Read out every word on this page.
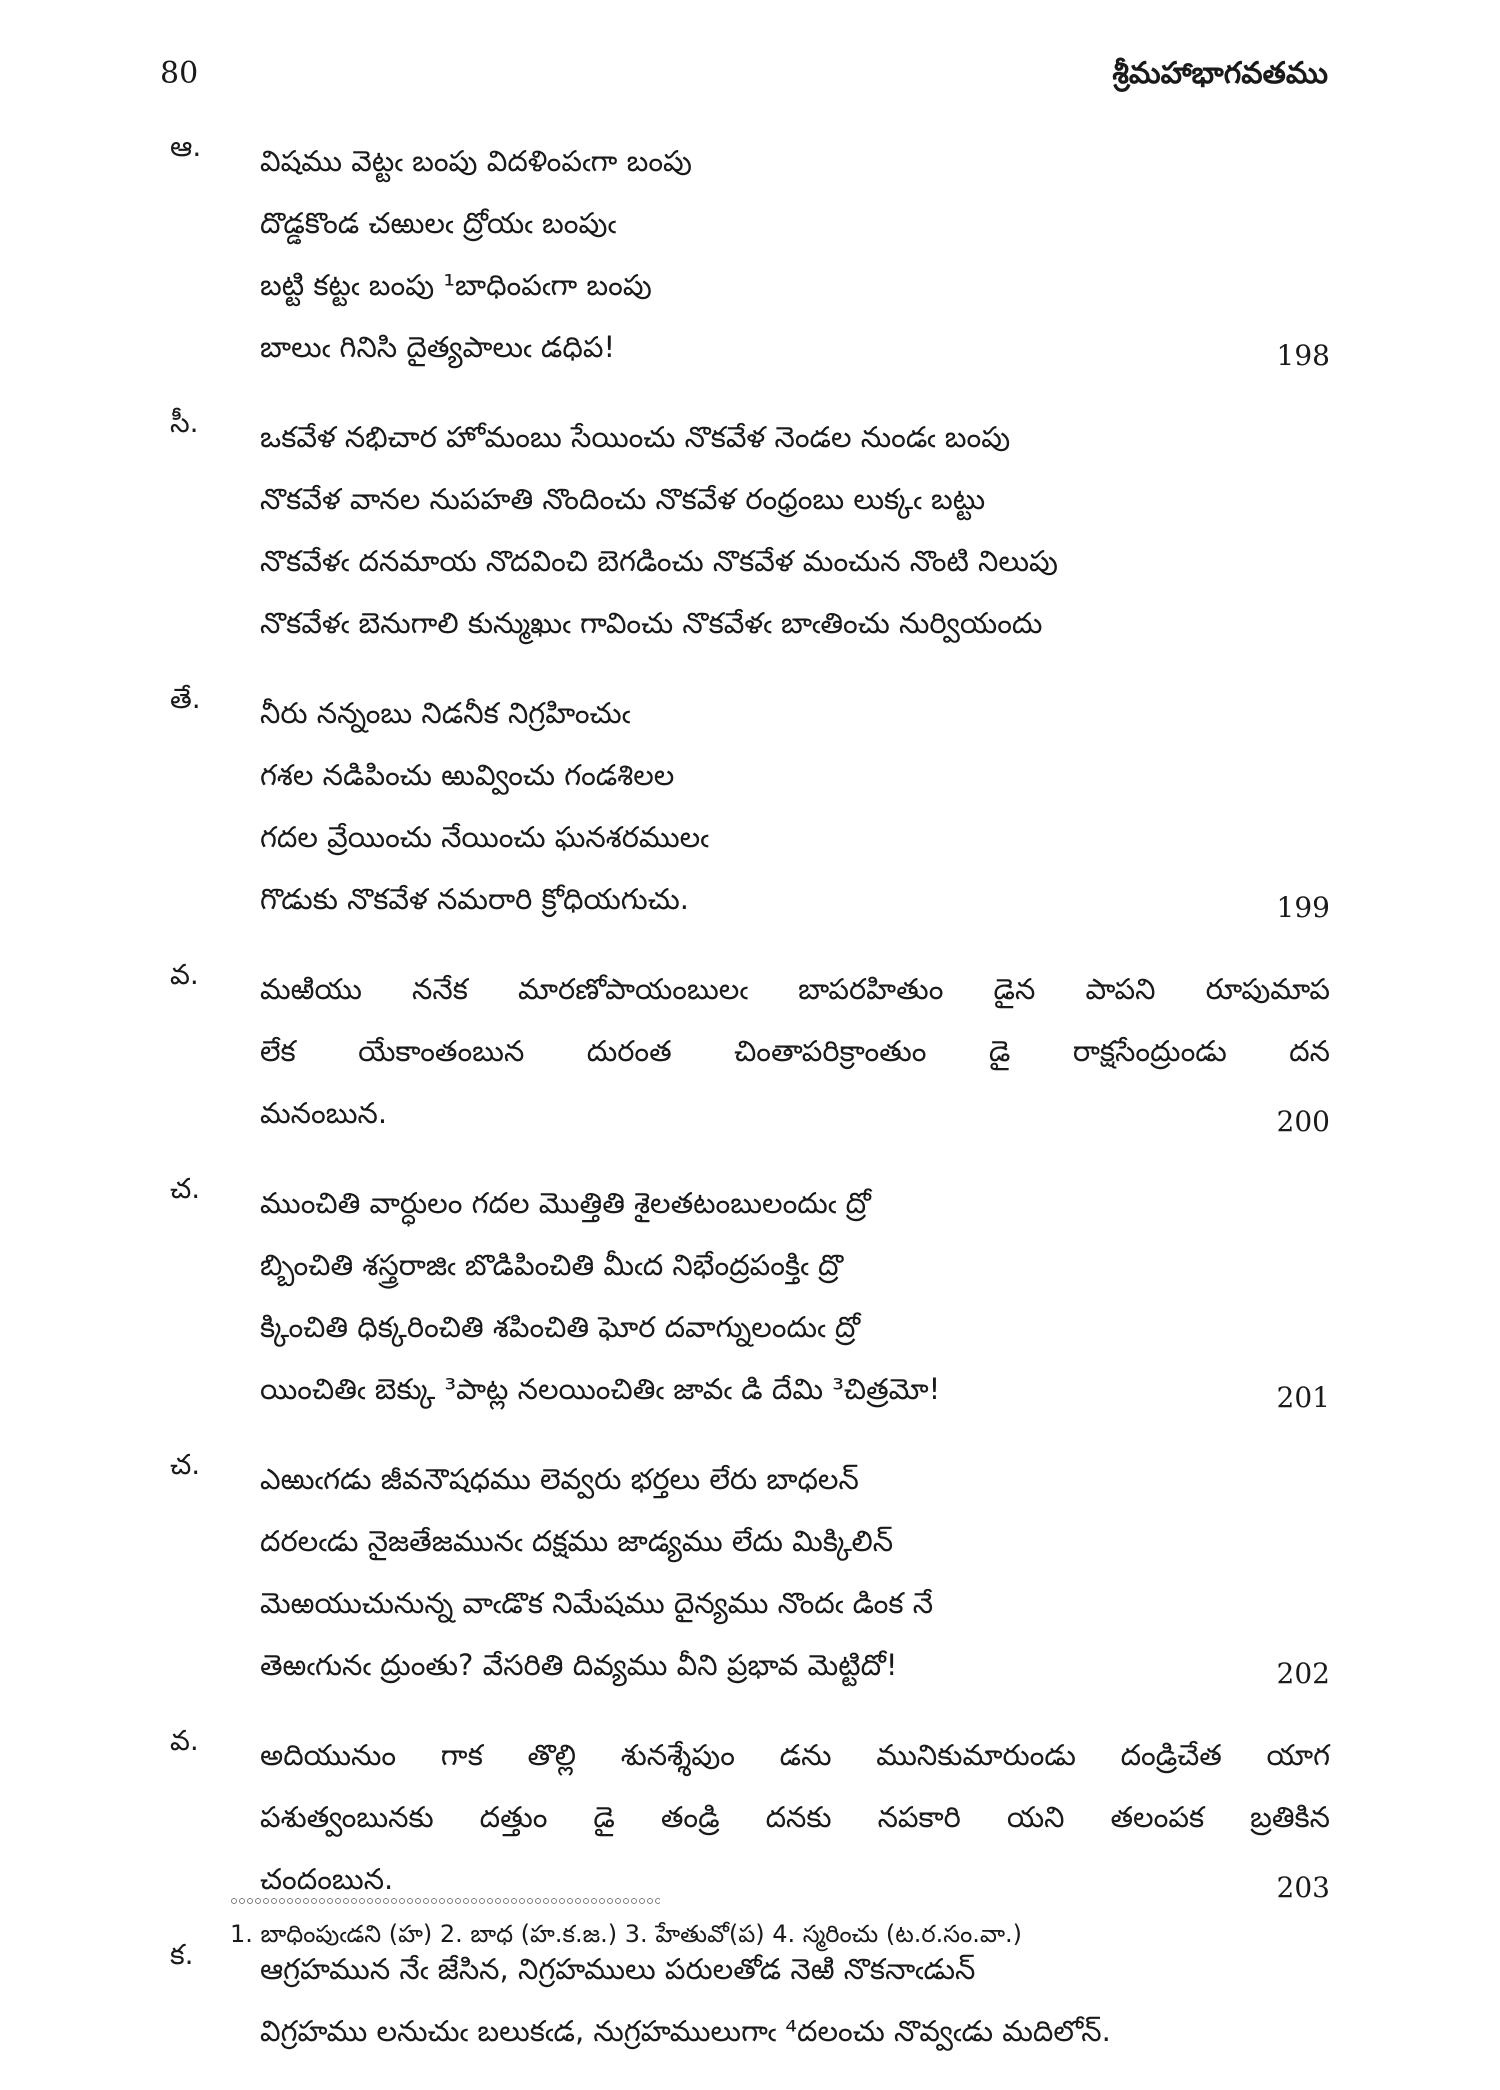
80	శ్రీమహాభాగవతము
ఆ.	విషము వెట్టఁ బంపు విదళింపఁగా బంపు
దొడ్డకొండ చఱులఁ ద్రోయఁ బంపుఁ
బట్టి కట్టఁ బంపు ¹బాధింపఁగా బంపు
బాలుఁ గినిసి దైత్యపాలుఁ డధిప!	198
సీ.	ఒకవేళ నభిచార హోమంబు సేయించు నొకవేళ నెండల నుండఁ బంపు
నొకవేళ వానల నుపహతి నొందించు నొకవేళ రంధ్రంబు లుక్కఁ బట్టు
నొకవేళఁ దనమాయ నొదవించి బెగడించు నొకవేళ మంచున నొంటి నిలుపు
నొకవేళఁ బెనుగాలి కున్ముఖుఁ గావించు నొకవేళఁ బాఁతించు నుర్వియందు
తే.	నీరు నన్నంబు నిడనీక నిగ్రహించుఁ
గశల నడిపించు ఱువ్వించు గండశిలల
గదల వ్రేయించు నేయించు ఘనశరములఁ
గొడుకు నొకవేళ నమరారి క్రోధియగుచు.	199
వ.	మఱియు ననేక మారణోపాయంబులఁ బాపరహితుం డైన పాపని రూపుమాప
లేక యేకాంతంబున దురంత చింతాపరిక్రాంతుం డై రాక్షసేంద్రుండు దన
మనంబున.	200
చ.	ముంచితి వార్ధులం గదల మొత్తితి శైలతటంబులందుఁ ద్రో
బ్బించితి శస్త్రరాజిఁ బొడిపించితి మీఁద నిభేంద్రపంక్తిఁ ద్రొ
క్కించితి ధిక్కరించితి శపించితి ఘోర దవాగ్నులందుఁ ద్రో
యించితిఁ బెక్కు ³పాట్ల నలయించితిఁ జావఁ డి దేమి ³చిత్రమో!	201
చ.	ఎఱుఁగడు జీవనౌషధము లెవ్వరు భర్తలు లేరు బాధలన్
దరలఁడు నైజతేజమునఁ దక్షము జాడ్యము లేదు మిక్కిలిన్
మెఱయుచునున్న వాఁడొక నిమేషము దైన్యము నొందఁ డింక నే
తెఱఁగునఁ ద్రుంతు? వేసరితి దివ్యము వీని ప్రభావ మెట్టిదో!	202
వ.	అదియునుం గాక తొల్లి శునశ్శేపుం డను మునికుమారుండు దండ్రిచేత యాగ
పశుత్వంబునకు దత్తుం డై తండ్రి దనకు నపకారి యని తలంపక బ్రతికిన
చందంబున.	203
క.	ఆగ్రహమున నేఁ జేసిన, నిగ్రహములు పరులతోడ నెఱి నొకనాఁడున్
విగ్రహము లనుచుఁ బలుకఁడ, నుగ్రహములుగాఁ ⁴దలంచు నొవ్వఁడు మదిలోన్.
1. బాధింపుఁడని (హ) 2. బాధ (హ.క.జ.) 3. హేతువో(ప) 4. స్మరించు (ట.ర.సం.వా.)
